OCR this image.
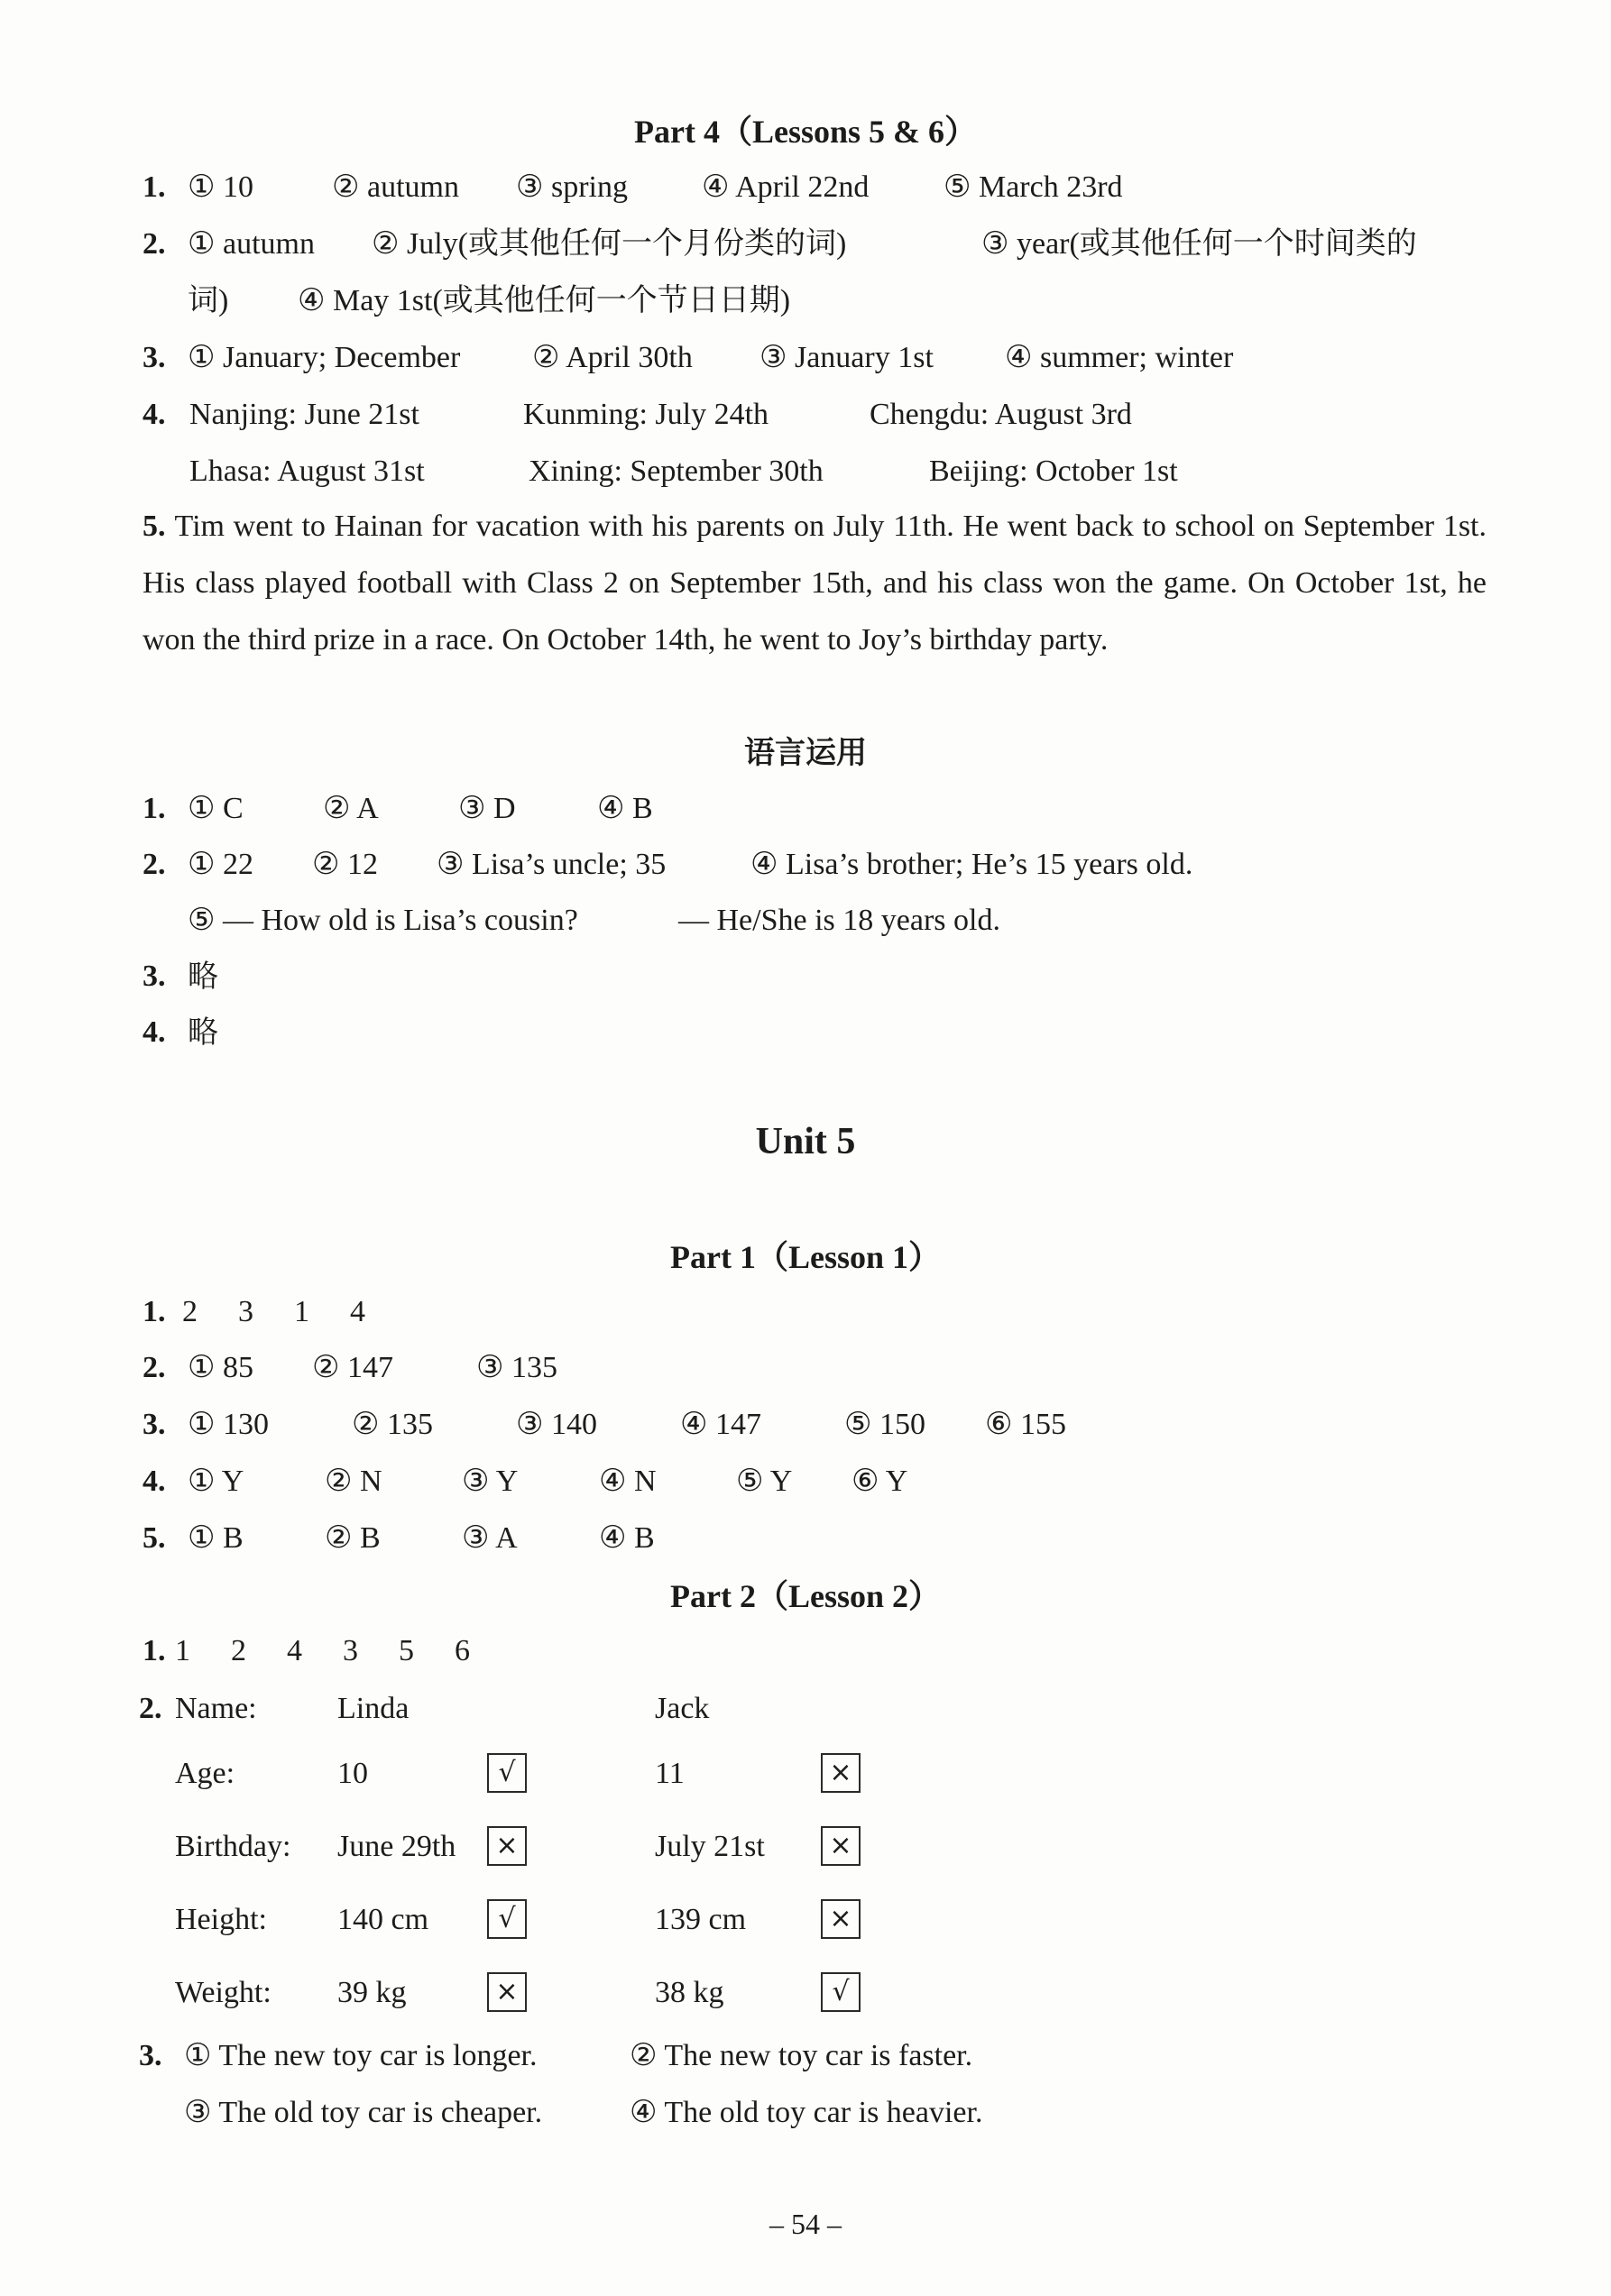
Part 4（Lessons 5 & 6）
1. ① 10	② autumn ③ spring ④ April 22nd ⑤ March 23rd
2. ① autumn ② July(或其他任何一个月份类的词)	③ year(或其他任何一个时间类的
词) ④ May 1st(或其他任何一个节日日期)
3. ① January; December ② April 30th ③ January 1st ④ summer; winter
4. Nanjing: June 21st	Kunming: July 24th	Chengdu: August 3rd
Lhasa: August 31st	Xining: September 30th	Beijing: October 1st
5. Tim went to Hainan for vacation with his parents on July 11th. He went back to school on September 1st. His class played football with Class 2 on September 15th, and his class won the game. On October 1st, he won the third prize in a race. On October 14th, he went to Joy’s birthday party.
语言运用
1. ① C	② A	③ D	④ B
2. ① 22 ② 12 ③ Lisa’s uncle; 35	④ Lisa’s brother; He’s 15 years old.
⑤ — How old is Lisa’s cousin?	— He/She is 18 years old.
3. 略
4. 略
Unit 5
Part 1（Lesson 1）
1. 2  3  1  4
2. ① 85 ② 147	③ 135
3. ① 130	② 135	③ 140	④ 147	⑤ 150 ⑥ 155
4. ① Y	② N	③ Y	④ N	⑤ Y ⑥ Y
5. ① B	② B	③ A	④ B
Part 2（Lesson 2）
1. 1  2  4  3  5  6
2. Name:	Linda	Jack
Age:	10	√	11	×
Birthday: June 29th	×	July 21st	×
Height: 140 cm	√	139 cm	×
Weight: 39 kg	×	38 kg	√
3. ① The new toy car is longer.	② The new toy car is faster.
③ The old toy car is cheaper.	④ The old toy car is heavier.
– 54 –
